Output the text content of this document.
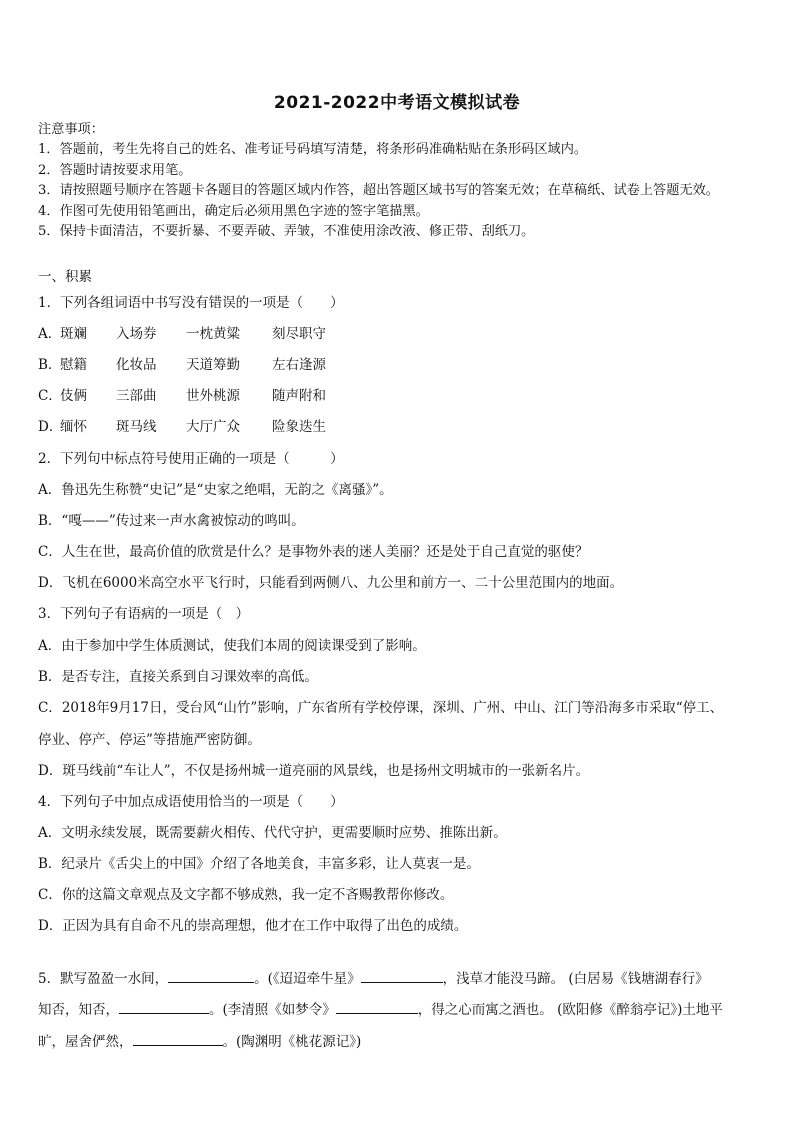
2021-2022中考语文模拟试卷
注意事项：
1．答题前，考生先将自己的姓名、准考证号码填写清楚，将条形码准确粘贴在条形码区域内。
2．答题时请按要求用笔。
3．请按照题号顺序在答题卡各题目的答题区域内作答，超出答题区域书写的答案无效；在草稿纸、试卷上答题无效。
4．作图可先使用铅笔画出，确定后必须用黑色字迹的签字笔描黑。
5．保持卡面清洁，不要折暴、不要弄破、弄皱，不准使用涂改液、修正带、刮纸刀。
一、积累
1．下列各组词语中书写没有错误的一项是（　　）
A．斑斓 入场券 一枕黄粱 刻尽职守
B．慰籍 化妆品 天道筹勤 左右逢源
C．伎俩 三部曲 世外桃源 随声附和
D．缅怀 斑马线 大厅广众 险象迭生
2．下列句中标点符号使用正确的一项是（　　　）
A．鲁迅先生称赞“史记”是“史家之绝唱，无韵之《离骚》”。
B．“嘎——”传过来一声水禽被惊动的鸣叫。
C．人生在世，最高价值的欣赏是什么？是事物外表的迷人美丽？还是处于自己直觉的驱使？
D．飞机在6000米高空水平飞行时，只能看到两侧八、九公里和前方一、二十公里范围内的地面。
3．下列句子有语病的一项是（　）
A．由于参加中学生体质测试，使我们本周的阅读课受到了影响。
B．是否专注，直接关系到自习课效率的高低。
C．2018年9月17日，受台风“山竹”影响，广东省所有学校停课，深圳、广州、中山、江门等沿海多市采取“停工、
停业、停产、停运”等措施严密防御。
D．斑马线前“车让人”，不仅是扬州城一道亮丽的风景线，也是扬州文明城市的一张新名片。
4．下列句子中加点成语使用恰当的一项是（　　）
A．文明永续发展，既需要薪火相传、代代守护，更需要顺时应势、推陈出新。
B．纪录片《舌尖上的中国》介绍了各地美食，丰富多彩，让人莫衷一是。
C．你的这篇文章观点及文字都不够成熟，我一定不吝赐教帮你修改。
D．正因为具有自命不凡的崇高理想，他才在工作中取得了出色的成绩。
5．默写盈盈一水间，	。(《迢迢牵牛星》	，浅草才能没马蹄。 (白居易《钱塘湖春行》
知否，知否，	。(李清照《如梦令》	，得之心而寓之酒也。 (欧阳修《醉翁亭记》)土地平
旷，屋舍俨然，	。(陶渊明《桃花源记》)
